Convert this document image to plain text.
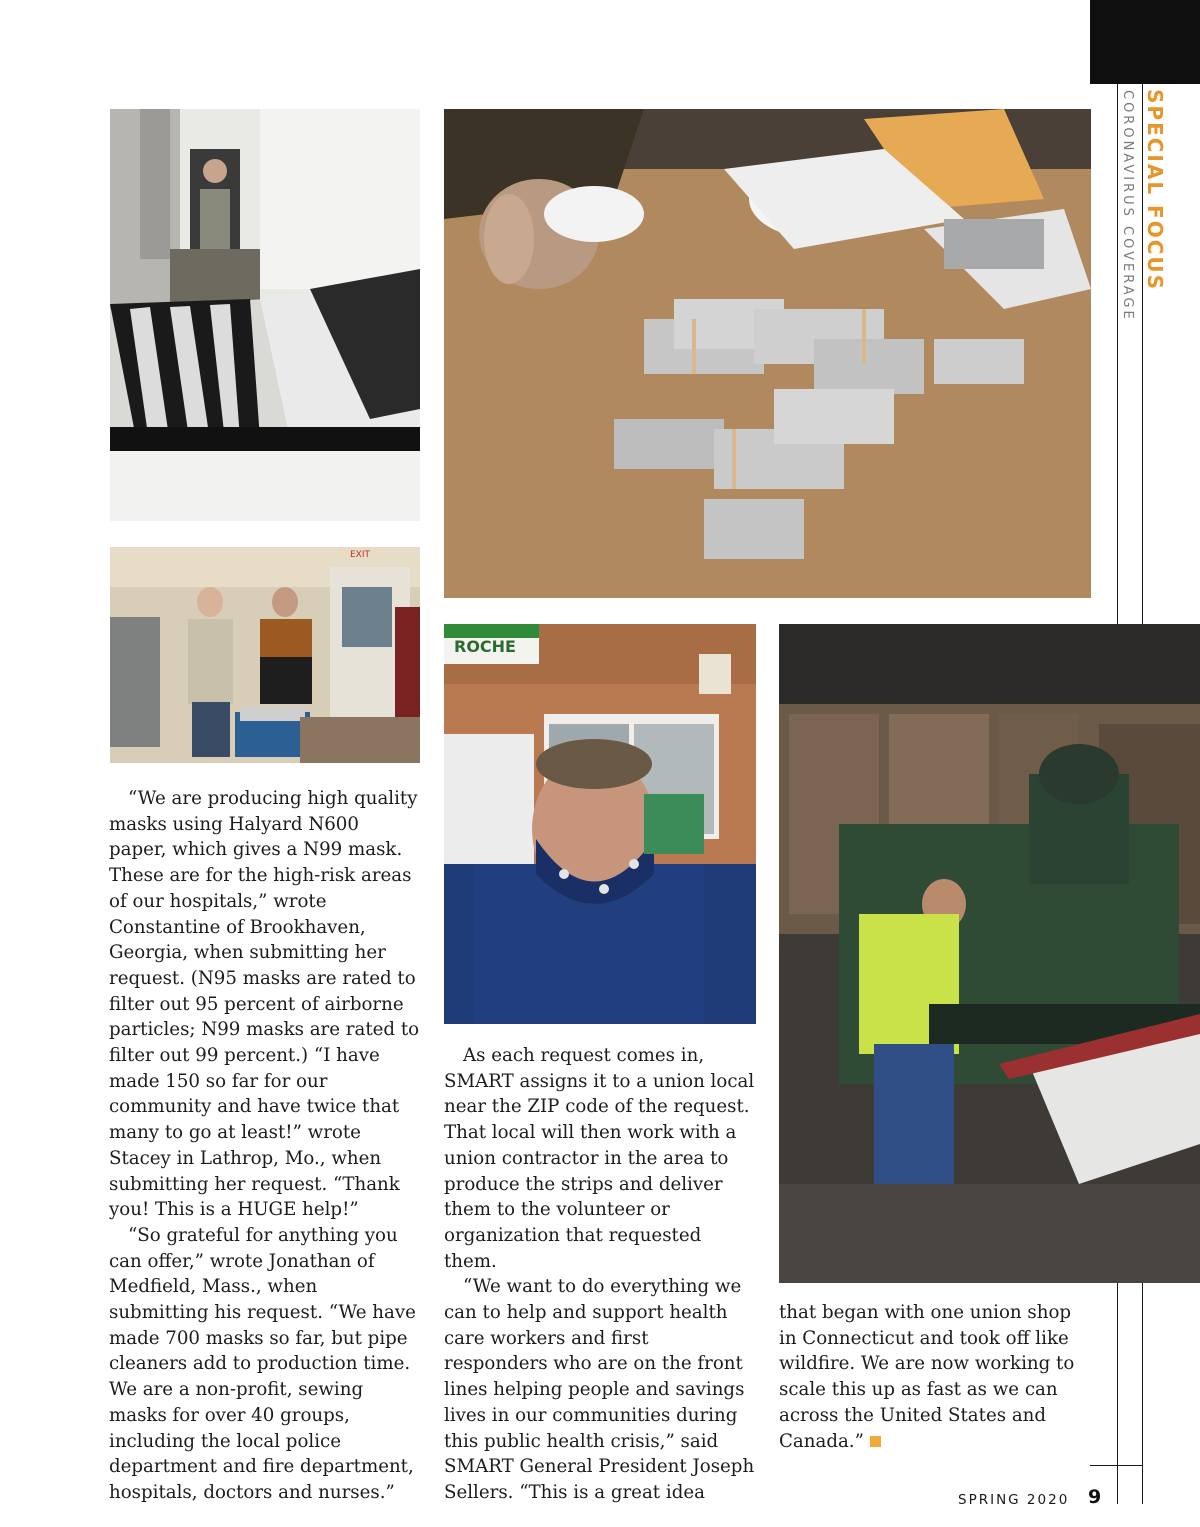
SPECIAL FOCUS
CORONAVIRUS COVERAGE
EXIT
ROCHE

“We are producing high quality masks using Halyard N600 paper, which gives a N99 mask. These are for the high-risk areas of our hospitals,” wrote Constantine of Brookhaven, Georgia, when submitting her request. (N95 masks are rated to filter out 95 percent of airborne particles; N99 masks are rated to filter out 99 percent.) “I have made 150 so far for our community and have twice that many to go at least!” wrote Stacey in Lathrop, Mo., when submitting her request. “Thank you! This is a HUGE help!”

“So grateful for anything you can offer,” wrote Jonathan of Medfield, Mass., when submitting his request. “We have made 700 masks so far, but pipe cleaners add to production time. We are a non-profit, sewing masks for over 40 groups, including the local police department and fire department, hospitals, doctors and nurses.”

As each request comes in, SMART assigns it to a union local near the ZIP code of the request. That local will then work with a union contractor in the area to produce the strips and deliver them to the volunteer or organization that requested them.

“We want to do everything we can to help and support health care workers and first responders who are on the front lines helping people and savings lives in our communities during this public health crisis,” said SMART General President Joseph Sellers. “This is a great idea

that began with one union shop in Connecticut and took off like wildfire. We are now working to scale this up as fast as we can across the United States and Canada.”

SPRING 2020 9
